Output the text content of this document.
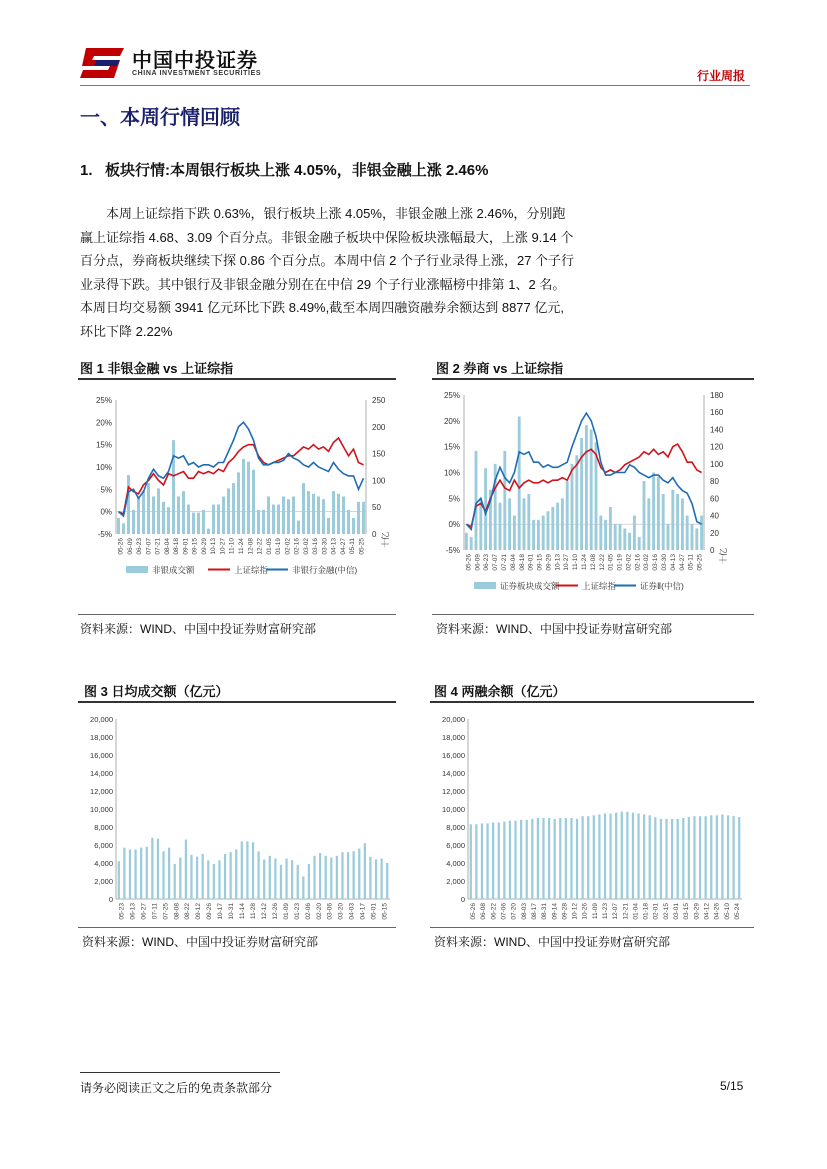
中国中投证券
CHINA INVESTMENT SECURITIES	行业周报
一、本周行情回顾
1.   板块行情:本周银行板块上涨 4.05%，非银金融上涨 2.46%
本周上证综指下跌 0.63%，银行板块上涨 4.05%，非银金融上涨 2.46%，分别跑
赢上证综指 4.68、3.09 个百分点。非银金融子板块中保险板块涨幅最大，上涨 9.14 个
百分点，券商板块继续下探 0.86 个百分点。本周中信 2 个子行业录得上涨，27 个子行
业录得下跌。其中银行及非银金融分别在在中信 29 个子行业涨幅榜中排第 1、2 名。
本周日均交易额 3941 亿元环比下跌 8.49%,截至本周四融资融券余额达到 8877 亿元,
环比下降 2.22%
图 1 非银金融 vs 上证综指
25%
20%
15%
10%
5%
0%
-5%
250
200
150
100
50
0 十亿
05-26 06-09 06-23 07-07 07-21 08-04 08-18 09-01 09-15 09-29 10-13 10-27 11-10 11-24 12-08 12-22 01-05 01-19 02-02 02-16 03-02 03-16 03-30 04-13 04-27 05-11 05-25
非银成交额	上证综指	非银行金融(中信)
资料来源：WIND、中国中投证券财富研究部
图 2 券商 vs 上证综指
25%
20%
15%
10%
5%
0%
-5%
180
160
140
120
100
80
60
40
20
0 十亿
05-26 06-09 06-23 07-07 07-21 08-04 08-18 09-01 09-15 09-29 10-13 10-27 11-10 11-24 12-08 12-22 01-05 01-19 02-02 02-16 03-02 03-16 03-30 04-13 04-27 05-11 05-25
证券板块成交额	上证综指	证券Ⅱ(中信)
资料来源：WIND、中国中投证券财富研究部
图 3 日均成交额（亿元）
20,000
18,000
16,000
14,000
12,000
10,000
8,000
6,000
4,000
2,000
0
05-23 06-13 06-27 07-11 07-25 08-08 08-22 09-12 09-26 10-17 10-31 11-14 11-28 12-12 12-26 01-09 01-23 02-06 02-20 03-06 03-20 04-03 04-17 05-01 05-15
资料来源：WIND、中国中投证券财富研究部
图 4 两融余额（亿元）
20,000
18,000
16,000
14,000
12,000
10,000
8,000
6,000
4,000
2,000
0
05-26 06-08 06-22 07-06 07-20 08-03 08-17 08-31 09-14 09-28 10-12 10-26 11-09 11-23 12-07 12-21 01-04 01-18 02-01 02-15 03-01 03-15 03-29 04-12 04-26 05-10 05-24
资料来源：WIND、中国中投证券财富研究部
请务必阅读正文之后的免责条款部分	5/15
